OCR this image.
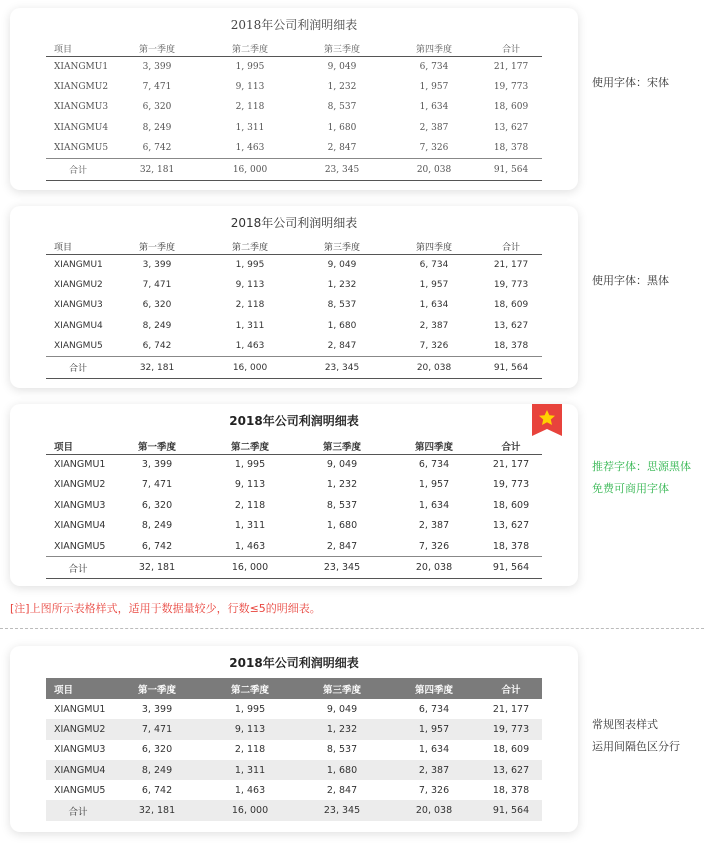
2018年公司利润明细表
项目	第一季度	第二季度	第三季度	第四季度	合计
XIANGMU1	3, 399	1, 995	9, 049	6, 734	21, 177
XIANGMU2	7, 471	9, 113	1, 232	1, 957	19, 773
XIANGMU3	6, 320	2, 118	8, 537	1, 634	18, 609
XIANGMU4	8, 249	1, 311	1, 680	2, 387	13, 627
XIANGMU5	6, 742	1, 463	2, 847	7, 326	18, 378
合计	32, 181	16, 000	23, 345	20, 038	91, 564
使用字体：宋体
2018年公司利润明细表
项目	第一季度	第二季度	第三季度	第四季度	合计
XIANGMU1	3, 399	1, 995	9, 049	6, 734	21, 177
XIANGMU2	7, 471	9, 113	1, 232	1, 957	19, 773
XIANGMU3	6, 320	2, 118	8, 537	1, 634	18, 609
XIANGMU4	8, 249	1, 311	1, 680	2, 387	13, 627
XIANGMU5	6, 742	1, 463	2, 847	7, 326	18, 378
合计	32, 181	16, 000	23, 345	20, 038	91, 564
使用字体：黑体
2018年公司利润明细表
项目	第一季度	第二季度	第三季度	第四季度	合计
XIANGMU1	3, 399	1, 995	9, 049	6, 734	21, 177
XIANGMU2	7, 471	9, 113	1, 232	1, 957	19, 773
XIANGMU3	6, 320	2, 118	8, 537	1, 634	18, 609
XIANGMU4	8, 249	1, 311	1, 680	2, 387	13, 627
XIANGMU5	6, 742	1, 463	2, 847	7, 326	18, 378
合计	32, 181	16, 000	23, 345	20, 038	91, 564
推荐字体：思源黑体
免费可商用字体
[注]上图所示表格样式，适用于数据量较少，行数≤5的明细表。
2018年公司利润明细表
项目	第一季度	第二季度	第三季度	第四季度	合计
XIANGMU1	3, 399	1, 995	9, 049	6, 734	21, 177
XIANGMU2	7, 471	9, 113	1, 232	1, 957	19, 773
XIANGMU3	6, 320	2, 118	8, 537	1, 634	18, 609
XIANGMU4	8, 249	1, 311	1, 680	2, 387	13, 627
XIANGMU5	6, 742	1, 463	2, 847	7, 326	18, 378
合计	32, 181	16, 000	23, 345	20, 038	91, 564
常规图表样式
运用间隔色区分行
